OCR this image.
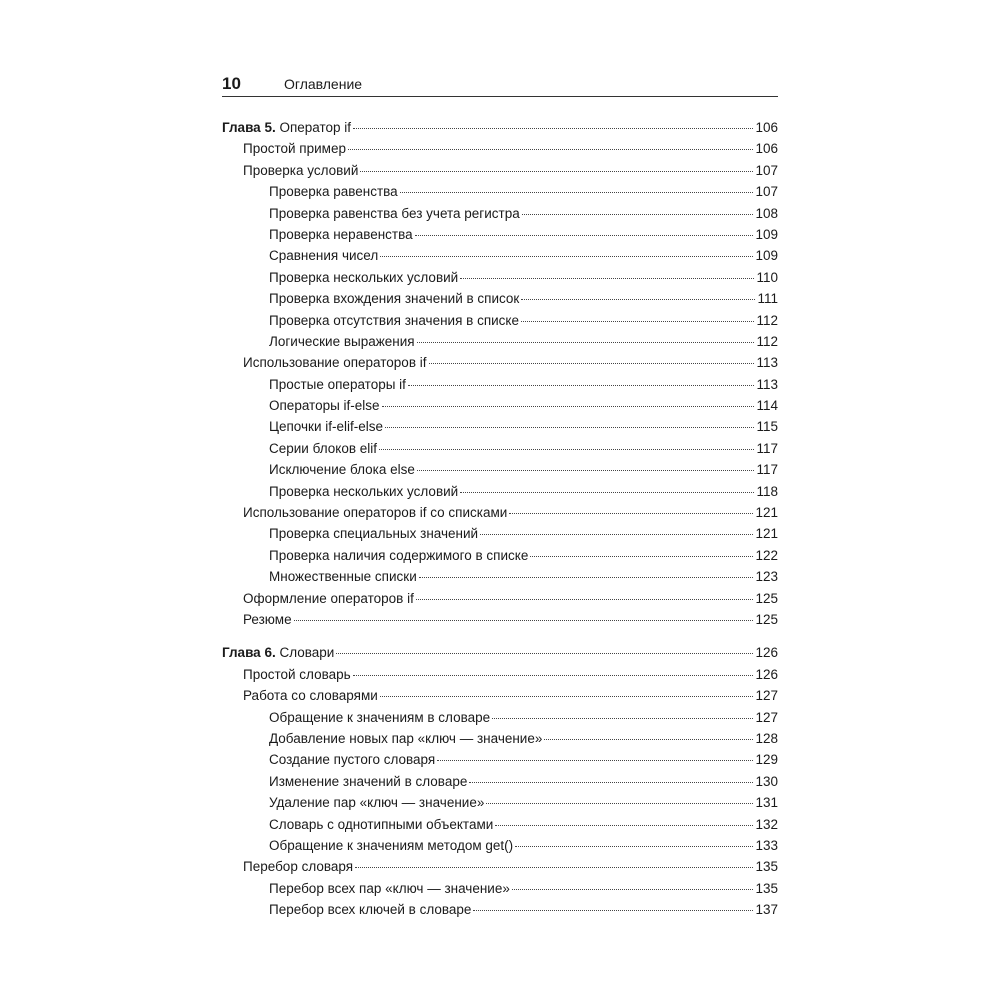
10	Оглавление
Глава 5. Оператор if	106
Простой пример	106
Проверка условий	107
Проверка равенства	107
Проверка равенства без учета регистра	108
Проверка неравенства	109
Сравнения чисел	109
Проверка нескольких условий	110
Проверка вхождения значений в список	111
Проверка отсутствия значения в списке	112
Логические выражения	112
Использование операторов if	113
Простые операторы if	113
Операторы if-else	114
Цепочки if-elif-else	115
Серии блоков elif	117
Исключение блока else	117
Проверка нескольких условий	118
Использование операторов if со списками	121
Проверка специальных значений	121
Проверка наличия содержимого в списке	122
Множественные списки	123
Оформление операторов if	125
Резюме	125
Глава 6. Словари	126
Простой словарь	126
Работа со словарями	127
Обращение к значениям в словаре	127
Добавление новых пар «ключ — значение»	128
Создание пустого словаря	129
Изменение значений в словаре	130
Удаление пар «ключ — значение»	131
Словарь с однотипными объектами	132
Обращение к значениям методом get()	133
Перебор словаря	135
Перебор всех пар «ключ — значение»	135
Перебор всех ключей в словаре	137
